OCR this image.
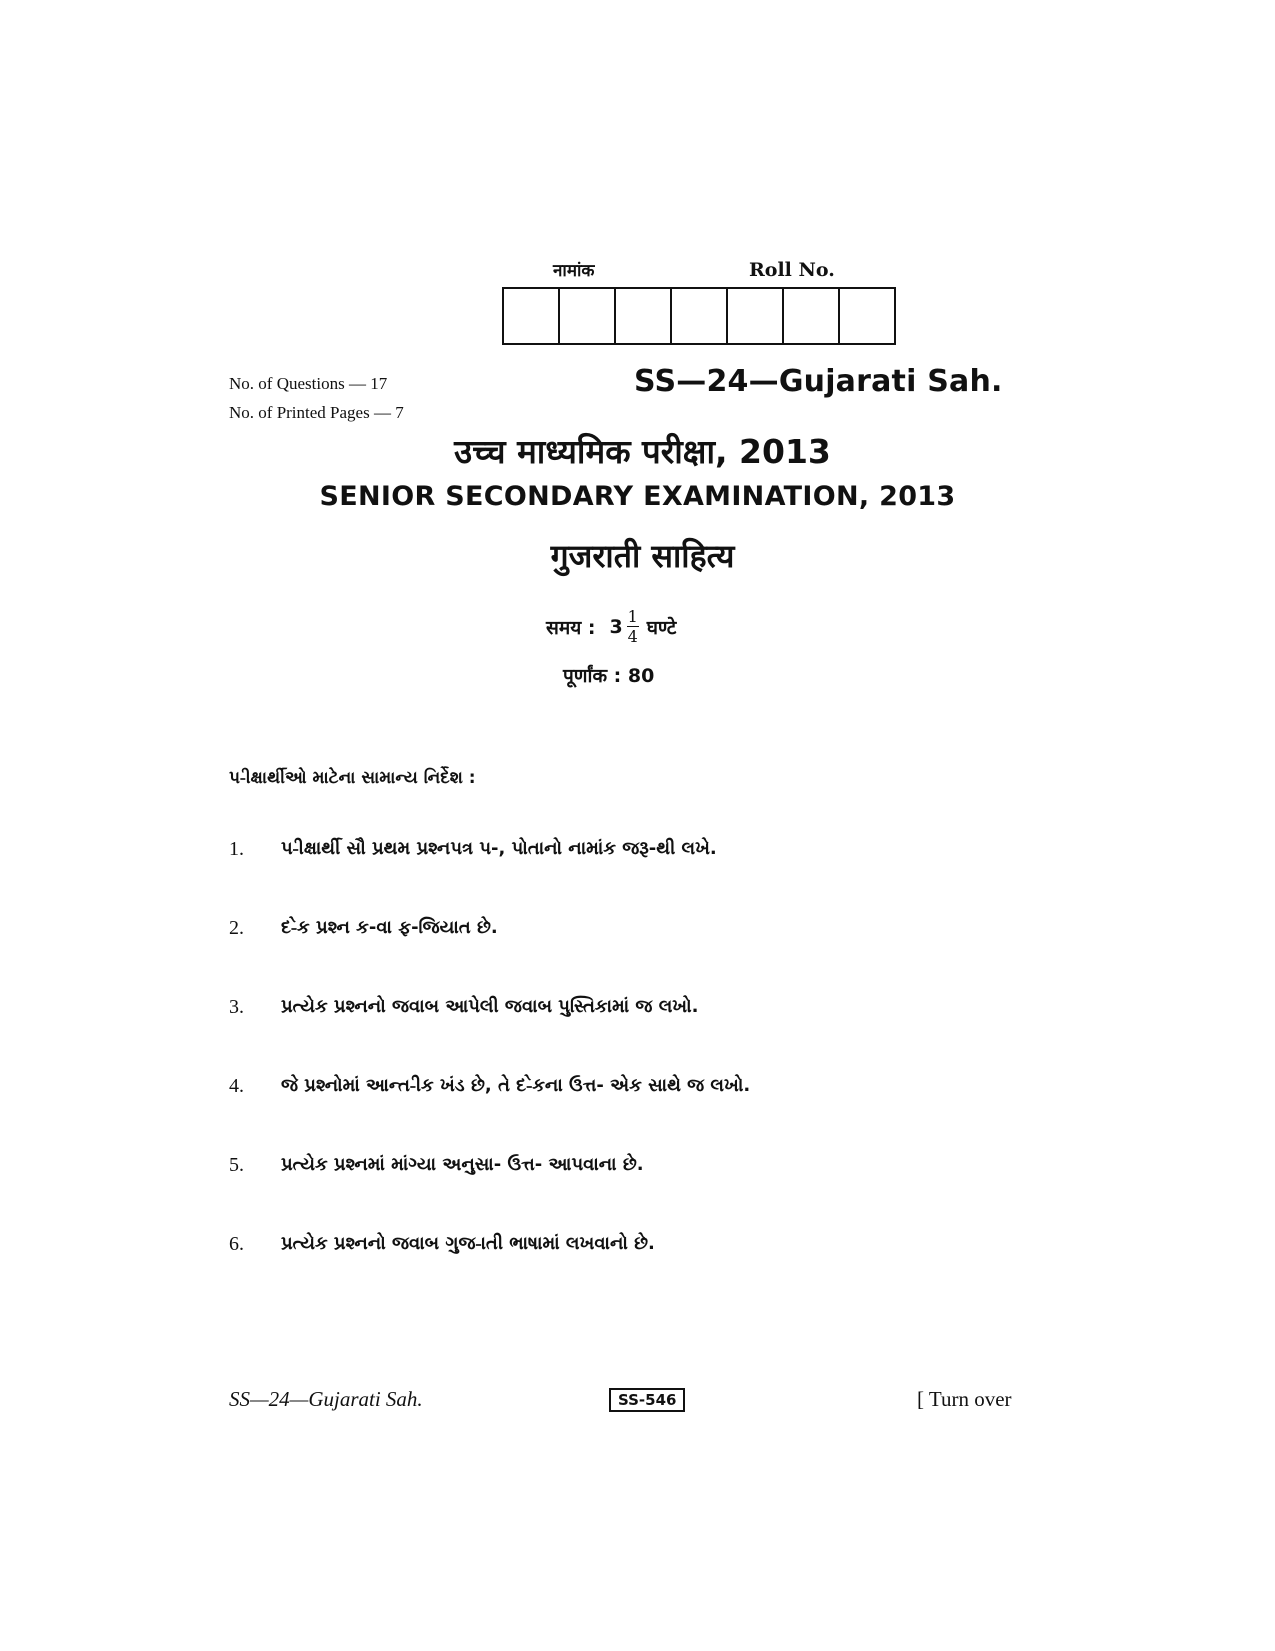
नामांक	Roll No.
No. of Questions — 17
No. of Printed Pages — 7
SS—24—Gujarati Sah.
उच्च माध्यमिक परीक्षा, 2013
SENIOR SECONDARY EXAMINATION, 2013
गुजराती साहित्य
समय : $3 \frac{1}{4}$ घण्टे
पूर्णांक : 80
પ-ીક્ષાર્થીઓ માટેના સામાન્ય નિર્દેશ :
1.	પ-ીક્ષાર્થી સૌ પ્રથમ પ્રશ્નપત્ર પ-, પોતાનો નામાંક જરૂ-થી લખે.
2.	દ-ેક પ્રશ્ન ક-વા ફ-જિયાત છે.
3.	પ્રત્યેક પ્રશ્નનો જવાબ આપેલી જવાબ પુસ્તિકામાં જ લખો.
4.	જે પ્રશ્નોમાં આન્ત-ીક ખંડ છે, તે દ-ેકના ઉત્ત- એક સાથે જ લખો.
5.	પ્રત્યેક પ્રશ્નમાં માંગ્યા અનુસા- ઉત્ત- આપવાના છે.
6.	પ્રત્યેક પ્રશ્નનો જવાબ ગુજ-ાતી ભાષામાં લખવાનો છે.
SS—24—Gujarati Sah.	SS-546	[ Turn over
